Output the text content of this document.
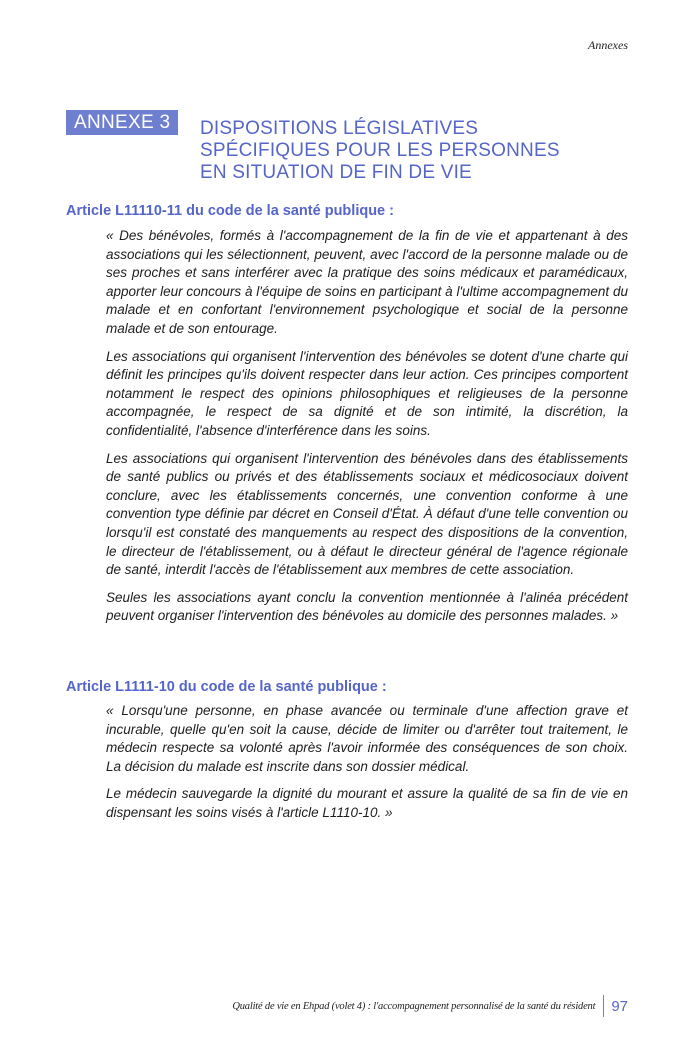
Annexes
ANNEXE 3	DISPOSITIONS LÉGISLATIVES
SPÉCIFIQUES POUR LES PERSONNES
EN SITUATION DE FIN DE VIE
Article L11110-11 du code de la santé publique :

« Des bénévoles, formés à l'accompagnement de la fin de vie et appartenant à des associations qui les sélectionnent, peuvent, avec l'accord de la personne malade ou de ses proches et sans interférer avec la pratique des soins médicaux et paramédicaux, apporter leur concours à l'équipe de soins en participant à l'ultime accompagnement du malade et en confortant l'environnement psychologique et social de la personne malade et de son entourage.

Les associations qui organisent l'intervention des bénévoles se dotent d'une charte qui définit les principes qu'ils doivent respecter dans leur action. Ces principes comportent notamment le respect des opinions philosophiques et religieuses de la personne accompagnée, le respect de sa dignité et de son intimité, la discrétion, la confidentialité, l'absence d'interférence dans les soins.

Les associations qui organisent l'intervention des bénévoles dans des établissements de santé publics ou privés et des établissements sociaux et médicosociaux doivent conclure, avec les établissements concernés, une convention conforme à une convention type définie par décret en Conseil d'État. À défaut d'une telle convention ou lorsqu'il est constaté des manquements au respect des dispositions de la convention, le directeur de l'établissement, ou à défaut le directeur général de l'agence régionale de santé, interdit l'accès de l'établissement aux membres de cette association.

Seules les associations ayant conclu la convention mentionnée à l'alinéa précédent peuvent organiser l'intervention des bénévoles au domicile des personnes malades. »

Article L1111-10 du code de la santé publique :

« Lorsqu'une personne, en phase avancée ou terminale d'une affection grave et incurable, quelle qu'en soit la cause, décide de limiter ou d'arrêter tout traitement, le médecin respecte sa volonté après l'avoir informée des conséquences de son choix. La décision du malade est inscrite dans son dossier médical.

Le médecin sauvegarde la dignité du mourant et assure la qualité de sa fin de vie en dispensant les soins visés à l'article L1110-10. »

Qualité de vie en Ehpad (volet 4) : l'accompagnement personnalisé de la santé du résident	97
